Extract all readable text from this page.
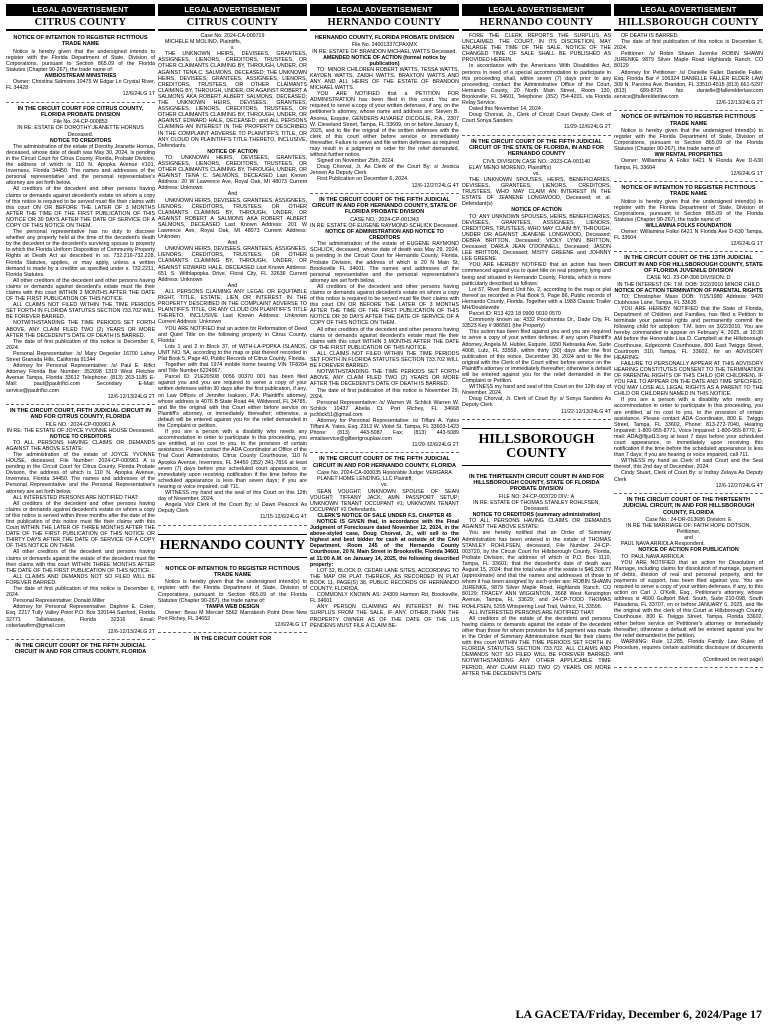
LEGAL ADVERTISEMENT
CITRUS COUNTY
NOTICE OF INTENTION TO REGISTER FICTITIOUS TRADE NAME
Notice is hereby given that the undersigned intends to register with the Florida Department of State, Division of Corporations, pursuant to Section 865.09 of the Florida Statutes (Chapter 90-267), the trade name of:
AMBIOSTREAM MINISTRIES
Owner: Christina Salmons 10475 W Edgar Ln Crystal River, FL 34428
12/6/24LG 1T
IN THE CIRCUIT COURT FOR CITRUS COUNTY, FLORIDA PROBATE DIVISION
File No. 24-CP-000853
IN RE: ESTATE OF DOROTHY JEANETTE HORNUS Deceased.
NOTICE TO CREDITORS
The administration of the estate of Dorothy Jeanette Hornus, deceased, whose date of death was May 30, 2024, is pending in the Circuit Court for Citrus County, Florida, Probate Division, the address of which is 110 N. Apopka Avenue #101, Inverness, Florida 34450. The names and addresses of the personal representative and the personal representative's attorney are set forth below.
All creditors of the decedent and other persons having claims or demands against decedent's estate on whom a copy of this notice is required to be served must file their claims with this court ON OR BEFORE THE LATER OF 3 MONTHS AFTER THE TIME OF THE FIRST PUBLICATION OF THIS NOTICE OR 30 DAYS AFTER THE DATE OF SERVICE OF A COPY OF THIS NOTICE ON THEM.
The personal representative has no duty to discover whether any property held at the time of the decedent's death by the decedent or the decedent's surviving spouse is property to which the Florida Uniform Disposition of Community Property Rights at Death Act as described in ss. 732.216-732.228, Florida Statutes, applies, or may apply, unless a written demand is made by a creditor as specified under s. 732.2211, Florida Statutes.
All other creditors of the decedent and other persons having claims or demands against decedent's estate must file their claims with this court WITHIN 3 MONTHS AFTER THE DATE OF THE FIRST PUBLICATION OF THIS NOTICE.
ALL CLAIMS NOT FILED WITHIN THE TIME PERIODS SET FORTH IN FLORIDA STATUTES SECTION 733.702 WILL BE FOREVER BARRED.
NOTWITHSTANDING THE TIME PERIODS SET FORTH ABOVE, ANY CLAIM FILED TWO (2) YEARS OR MORE AFTER THE DECEDENT'S DATE OF DEATH IS BARRED.
The date of first publication of this notice is December 6, 2024.
Personal Representative: /s/ Mary Degesler 16700 Lahey Street Granada Hills, California 91344
Attorney for Personal Representative: /s/ Paul E. Rifici Attorney Florida Bar Number: 352098 1319 West Fletcher Avenue Tampa, Florida 33612 Telephone: (813) 263-1185 E-Mail: paul@paulrifici.com Secondary E-Mail: service@paulrifici.com
12/6-12/13/24LG 2T
IN THE CIRCUIT COURT, FIFTH JUDICIAL CIRCUIT IN AND FOR CITRUS COUNTY, FLORIDA
FILE NO.: 2024-CP-000961 A
IN RE: THE ESTATE OF JOYCE YVONNE HOUSE Deceased.
NOTICE TO CREDITORS
TO ALL PERSONS HAVING CLAIMS OR DEMANDS AGAINST THE ABOVE ESTATE:
The administration of the estate of JOYCE YVONNE HOUSE, deceased, File Number: 2024-CP-000961 A is pending in the Circuit Court for Citrus County, Florida Probate Division, the address of which is 110 N. Apopka Avenue, Inverness, Florida 34450. The names and addresses of the Personal Representative and the Personal Representative's attorney are set forth below.
ALL INTERESTED PERSONS ARE NOTIFIED THAT:
All creditors of the decedent and other persons having claims or demands against decedent's estate on whom a copy of this notice is served within three months after the date of the first publication of this notice must file their claims with this Court WITHIN THE LATER OF THREE MONTHS AFTER THE DATE OF THE FIRST PUBLICATION OF THIS NOTICE OR THIRTY DAYS AFTER THE DATE OF SERVICE OF A COPY OF THIS NOTICE ON THEM.
All other creditors of the decedent and persons having claims or demands against the estate of the decedent must file their claims with this court WITHIN THREE MONTHS AFTER THE DATE OF THE FIRST PUBLICATION OF THIS NOTICE.
ALL CLAIMS AND DEMANDS NOT SO FILED WILL BE FOREVER BARRED.
The date of first publication of this notice is December 6, 2024.
Personal Representative: Donald Miller
Attorney for Personal Representative: Daphne E. Coker, Esq. 2217 Tully Valley Point P.O. Box 320144 Sanford, Florida 32771 Tallahassee, Florida 32316 Email: cokerlawfirm@gmail.com
12/6-12/13/24LG 2T
IN THE CIRCUIT COURT OF THE FIFTH JUDICIAL CIRCUIT IN AND FOR CITRUS COUNTY, FLORIDA
LEGAL ADVERTISEMENT
CITRUS COUNTY
Case No. 2024-CA-000719
MICHELE M MOLINO, Plaintiffs,
v.
THE UNKNOWN HEIRS, DEVISEES, GRANTEES, ASSIGNEES, LIENORS, CREDITORS, TRUSTEES, OR OTHER CLAIMANTS CLAIMING BY, THROUGH, UNDER, OR AGAINST TENA C. SALMONS, DECEASED; THE UNKNOWN HEIRS, DEVISEES, GRANTEES, ASSIGNEES, LIENORS, CREDITORS, TRUSTEES, OR OTHER CLAIMANTS CLAIMING BY, THROUGH, UNDER, OR AGAINST ROBERT A SALMONS AKA ROBERT ALBERT SALMONS, DECEASED; THE UNKNOWN HEIRS, DEVISEES, GRANTEES, ASSIGNEES, LIENORS, CREDITORS, TRUSTEES, OR OTHER CLAIMANTS CLAIMING BY, THROUGH, UNDER, OR AGAINST EDWARD HALE, DECEASED; and ALL PERSONS CLAIMING AN INTEREST IN THE PROPERTY DESCRIBED IN THE COMPLAINT ADVERSE TO PLAINTIFF'S TITLE, OR ANY CLOUD ON PLAINTIFF'S TITLE THERETO, INCLUSIVE, Defendants.
NOTICE OF ACTION
TO: UNKNOWN HEIRS, DEVISEES, GRANTEES, ASSIGNEES, LIENORS, CREDITORS, TRUSTEES, OR OTHER CLAIMANTS CLAIMING BY, THROUGH, UNDER, OR AGAINST TENA C. SALMONS, DECEASED Last Known Address: 20 W Lawrence Ave, Royal Oak, MI 48073 Current Address: Unknown
And
UNKNOWN HEIRS, DEVISEES, GRANTEES, ASSIGNEES, LIENORS, CREDITORS, TRUSTEES, OR OTHER CLAIMANTS CLAIMING BY, THROUGH, UNDER, OR AGAINST ROBERT A SALMONS AKA ROBERT ALBERT SALMONS, DECEASED Last Known Address: 201 W Lawrence Ave, Royal Oak, MI 48073 Current Address: Unknown
And
UNKNOWN HEIRS, DEVISEES, GRANTEES, ASSIGNEES, LIENORS, CREDITORS, TRUSTEES, OR OTHER CLAIMANTS CLAIMING BY, THROUGH, UNDER, OR AGAINST EDWARD HALE, DECEASED Last Known Address: 651 S. Withlapopka Drive, Floral City, FL 32636 Current Address: Unknown
And
ALL PERSONS CLAIMING ANY LEGAL OR EQUITABLE RIGHT, TITLE, ESTATE, LIEN OR INTEREST IN THE PROPERTY DESCRIBED IN THE COMPLAINT ADVERSE TO PLAINTIFF'S TITLE, OR ANY CLOUD ON PLAINTIFF'S TITLE THERETO, INCLUSIVE Last Known Address: Unknown Current Address: Unknown
YOU ARE NOTIFIED that an action for Reformation of Deed and Quiet Title on the following property in Citrus County, Florida:
Lots 1 and 2 in Block 37, of WITH-LA-POPKA ISLANDS, UNIT NO. 5A, according to the map or plat thereof recorded in Plat Book 5, Page 40, Public Records of Citrus County, Florida.
Together with that 1974 mobile home bearing VIN TF8204 and Title Number 6224967.
Parcel ID: 21E20S08 0056 00370 001 has been filed against you and you are required to serve a copy of your written defenses within 30 days after the first publication, if any, on Law Offices of Jennifer Isakson, P.A. Plaintiff's attorney, whose address is 4076 B State Road 44, Wildwood, FL 34785, and file the original with this Court either before service on Plaintiff's attorney, or immediately thereafter; otherwise, a default will be entered against you for the relief demanded in the Complaint or petition.
If you are a person with a disability who needs any accommodation in order to participate in this proceeding, you are entitled, at no cost to you, to the provision of certain assistance. Please contact the ADA Coordinator at Office of the Trial Court Administrator, Citrus County Courthouse, 110 N Apopka Avenue, Inverness, FL 34450 (352) 341-7816 at least seven (7) days before your scheduled court appearance, or immediately upon receiving notification if the time before the scheduled appearance is less than seven days; if you are hearing or voice impaired, call 711.
WITNESS my hand and the seal of this Court on this 12th day of November, 2024.
Angela Vick Clerk of the Court By: s/ Dawn Peacock As Deputy Clerk
11/15-12/6/24LG 4T
HERNANDO COUNTY
NOTICE OF INTENTION TO REGISTER FICTITIOUS TRADE NAME
Notice is hereby given that the undersigned intend(s) to register with the Florida Department of State, Division of Corporations, pursuant to Section 865.09 of the Florida Statutes (Chapter 90-267), the trade name of:
TAMPA WEB DESIGN
Owner: Beau M Mercier 5562 Marrakesh Point Drive New Port Richey, FL 34652
12/6/24LG 1T
IN THE CIRCUIT COURT FOR
LEGAL ADVERTISEMENT
HERNANDO COUNTY
HERNANDO COUNTY, FLORIDA PROBATE DIVISION
File No. 24001337CPAXMX
IN RE: ESTATE OF BRANDON MICHAEL WATTS Deceased.
AMENDED NOTICE OF ACTION (formal notice by publication)
TO: MINOR CHILDREN ROBERT WATTS, TESSA WATTS, KAYDEN WATTS, ZAIDH WATTS, BRAXTON WATTS AND ANY AND ALL HEIRS OF THE ESTATE OF BRANDON MICHAEL WATTS.
YOU ARE NOTIFIED that a PETITION FOR ADMINISTRATION has been filed in this court. You are required to serve a copy of your written defenses, if any, on the petitioner's attorney, whose name and address are: Steven B. Anorea, Esquire, GENDERS ALVAREZ DICOGLIE, P.A., 2307 W. Cleveland Street, Tampa, FL 33609, on or before January 6, 2025, and to file the original of the written defenses with the clerk of this court either before service or immediately thereafter. Failure to serve and file written defenses as required may result in a judgment or order for the relief demanded, without further notice.
Signed on November 25th, 2024.
Doug Chorvat, Jr. As Clerk of the Court By: s/ Jessica Jensen As Deputy Clerk
First Publication on December 6, 2024.
12/6-12/27/24LG 4T
IN THE CIRCUIT COURT OF THE FIFTH JUDICIAL CIRCUIT IN AND FOR HERNANDO COUNTY, STATE OF FLORIDA PROBATE DIVISION
CASE NO.: 2024-CP-001343
IN RE: ESTATE OF EUGENE RAYMOND SCHLICK Deceased.
NOTICE OF ADMINISTRATION AND NOTICE TO CREDITORS
The administration of the estate of EUGENE RAYMOND SCHLICK, deceased, whose date of death was May 29, 2024, is pending in the Circuit Court for Hernando County, Florida, Probate Division, the address of which is 20 N Main St, Brooksville FL 34601. The names and addresses of the personal representative and the personal representative's attorney are set forth below.
All creditors of the decedent and other persons having claims or demands against decedent's estate on whom a copy of this notice is required to be served must file their claims with this court ON OR BEFORE THE LATER OF 3 MONTHS AFTER THE TIME OF THE FIRST PUBLICATION OF THIS NOTICE OR 30 DAYS AFTER THE DATE OF SERVICE OF A COPY OF THIS NOTICE ON THEM.
All other creditors of the decedent and other persons having claims or demands against decedent's estate must file their claims with this court WITHIN 3 MONTHS AFTER THE DATE OF THE FIRST PUBLICATION OF THIS NOTICE.
ALL CLAIMS NOT FILED WITHIN THE TIME PERIODS SET FORTH IN FLORIDA STATUTES SECTION 733.702 WILL BE FOREVER BARRED.
NOTWITHSTANDING THE TIME PERIODS SET FORTH ABOVE, ANY CLAIM FILED TWO (2) YEARS OR MORE AFTER THE DECEDENT'S DATE OF DEATH IS BARRED.
The date of first publication of this notice is November 29, 2024.
Personal Representative: /s/ Warren W. Schlick Warren W. Schlick 10437 Abelia Ct. Port Richey, FL 34668 jschlick51@gmail.com
Attorney for Personal Representative: /s/ Tiffani A. Yates Tiffani A. Yates, Esq. 2313 W. Violet St. Tampa, FL 33603-1423 Phone: (813) 443-5087 Fax: (813) 443-5089 emailservice@gilbertgrouplaw.com
11/29-12/6/24LG 2T
IN THE CIRCUIT COURT OF THE FIFTH JUDICIAL CIRCUIT IN AND FOR HERNANDO COUNTY, FLORIDA
Case No. 2024-CA-000035 Honorable Judge: VERGARA
PLANET HOME LENDING, LLC Plaintiff,
vs.
SEAN VOUGHT; UNKNOWN SPOUSE OF SEAN VOUGHT; TIFFANY JACK; AMN PASSPORT SETUP; UNKNOWN TENANT OCCUPANT #1; UNKNOWN TENANT OCCUPANT #2 Defendants.
CLERK'S NOTICE OF SALE UNDER F.S. CHAPTER 45
NOTICE IS GIVEN that, in accordance with the Final Judgment of Foreclosure dated November 12, 2024, in the above-styled case, Doug Chorvat, Jr., will sell to the highest and best bidder for cash at outside of the Civil Department, Room 245 of the Hernando County Courthouse, 20 N. Main Street in Brooksville, Florida 34601 at 11:00 A.M. on January 14, 2025, the following described property:
LOT 32, BLOCK D, CEDAR LANE SITES, ACCORDING TO THE MAP OR PLAT THEREOF, AS RECORDED IN PLAT BOOK 11, PAGE(S) 38, PUBLIC RECORDS OF HERNANDO COUNTY, FLORIDA.
COMMONLY KNOWN AS: 24309 Harmon Rd, Brooksville, FL 34601
ANY PERSON CLAIMING AN INTEREST IN THE SURPLUS FROM THE SALE, IF ANY, OTHER THAN THE PROPERTY OWNER AS OF THE DATE OF THE LIS PENDENS MUST FILE A CLAIM BE-
LEGAL ADVERTISEMENT
HERNANDO COUNTY
FORE THE CLERK REPORTS THE SURPLUS AS UNCLAIMED. THE COURT, IN ITS DISCRETION, MAY ENLARGE THE TIME OF THE SALE. NOTICE OF THE CHANGED TIME OF SALE SHALL BE PUBLISHED AS PROVIDED HEREIN.
In accordance with the Americans With Disabilities Act, persons in need of a special accommodation to participate in this proceeding shall, within seven (7) days prior to any proceeding, contact the Administrative Office of the Court, Hernando County, 20 North Main Street, Room 130, Brooksville, FL 34601, Telephone: (352) 754-4201, via Florida Relay Service.
Dated this November 14, 2024
Doug Chorvat, Jr., Clerk of Circuit Court Deputy Clerk of Court Sonya Sanders
11/29-12/6/24LG 2T
IN THE CIRCUIT COURT OF THE FIFTH JUDICIAL CIRCUIT OF THE STATE OF FLORIDA, IN AND FOR HERNANDO COUNTY
CIVIL DIVISION CASE NO.: 2023-CA-001140
ELAY MENO MORENO, Plaintiff(s)
vs.
THE UNKNOWN SPOUSES, HEIRS, BENEFICIARIES, DEVISEES, GRANTEES, LIENORS, CREDITORS, TRUSTEES, WHO MAY CLAIM AN INTEREST IN THE ESTATE OF JEANENE LONGWOOD, Deceased; et al. Defendant(s)
NOTICE OF ACTION
TO: ANY UNKNOWN SPOUSES, HEIRS, BENEFICIARIES, DEVISEES, GRANTEES, ASSIGNEES, LIENORS, CREDITORS, TRUSTEES, WHO MAY CLAIM BY, THROUGH, UNDER OR AGAINST JEANENE LONGWOOD, Deceased; DEBRA BRITTON, Deceased; VICKY LYNN BRITTON, Deceased; DARLA JEAN O'DONNELL, Deceased; JASON LEE BRITTON, Deceased; MISTY GREENE and JOHNNY LEE GREENE.
YOU ARE HEREBY NOTIFIED that an action has been commenced against you to quiet title on real property, lying and being and situated in Hernando County, Florida, which is more particularly described as follows:
Lot 57, River Bend Unit No. 2, according to the map or plat thereof as recorded in Plat Book 5, Page 86, Public records of Hernando County, Florida. Together with a 1983 Classic Trailer MH/Doublewide
Parcel ID: R13 423 18 0900 0010 0570
Commonly known as: 4332 Pocahontas Dr., Dade City, FL 33523 Key # 986581 (the Property)
This action has been filed against you and you are required to serve a copy of your written defense, if any upon Plaintiff's Attorney, Angela M. Hubler, Esquire, 1650 Nebraska Ave, Suite 4008, Lutz, FL 33558, within thirty (30) days after the first publication of this notice, December 30, 2024 and to file the original with the Clerk of the Court either before service on the Plaintiff's attorney or immediately thereafter; otherwise a default will be entered against you for the relief demanded in the Complaint or Petition.
WITNESS my hand and seal of this Court on the 12th day of November, 2024.
Doug Chorvat, Jr. Clerk of Court By: s/ Sonya Sanders As Deputy Clerk
11/22-12/13/24LG 4T
HILLSBOROUGH COUNTY
IN THE THIRTEENTH CIRCUIT COURT IN AND FOR HILLSBOROUGH COUNTY, STATE OF FLORIDA PROBATE DIVISION
FILE NO: 24-CP-003720 DIV.: A
IN RE: ESTATE OF THOMAS STANLEY ROHLFSEN, Deceased.
NOTICE TO CREDITORS (summary administration)
TO ALL PERSONS HAVING CLAIMS OR DEMANDS AGAINST THE ABOVE ESTATE:
You are hereby notified that an Order of Summary Administration has been entered in the estate of THOMAS STANLEY ROHLFSEN, deceased, File Number 24-CP-003720, by the Circuit Court for Hillsborough County, Florida, Probate Division, the address of which is P.O. Box 1110, Tampa, FL 33601; that the decedent's date of death was August 15, 2024; that the total value of the estate is $46,306.77 (approximate) and that the names and addresses of those to whom it has been assigned by such order are: ROBIN SHAWN JURENKE, 9879 Silver Maple Road, Highlands Ranch, CO 80129; TRACEY ANN WIGGINTON, 3668 West Kensington Avenue, Tampa, FL 33629; and 24-CP-TODD THOMAS ROHLFSEN, 5205 Whispering Leaf Trail, Valrico, FL 33596.
ALL INTERESTED PERSONS ARE NOTIFIED THAT:
All creditors of the estate of the decedent and persons having claims or demands against the estate of the decedent other than those for whom provision for full payment was made in the Order of Summary Administration must file their claims with this court WITHIN THE TIME PERIODS SET FORTH IN FLORIDA STATUTES SECTION 733.702. ALL CLAIMS AND DEMANDS NOT SO FILED WILL BE FOREVER BARRED. NOTWITHSTANDING ANY OTHER APPLICABLE TIME PERIOD, ANY CLAIM FILED TWO (2) YEARS OR MORE AFTER THE DECEDENT'S DATE
LEGAL ADVERTISEMENT
HILLSBOROUGH COUNTY
OF DEATH IS BARRED.
The date of first publication of this notice is December 6, 2024.
Petitioner: /s/ Robin Shawn Jurenke ROBIN SHAWN JURENKE 9879 Silver Maple Road Highlands Ranch, CO 80129
Attorney for Petitioner: /s/ Danielle Faller Danielle Faller, Esq. Florida Bar # 106324 DANIELLE FALLER ELDER LAW 309 N. Parsons Ave. Brandon, FL 33510-4515 (813) 661-5297 (813) 689-8725 fax danielle@fallerelderlaw.com service@fallerelderlaw.com
12/6-12/13/24LG 2T
NOTICE OF INTENTION TO REGISTER FICTITIOUS TRADE NAME
Notice is hereby given that the undersigned intend(s) to register with the Florida Department of State, Division of Corporations, pursuant to Section 865.09 of the Florida Statutes (Chapter 90-267), the trade name of:
WW RENTAL PROPERTIES
Owner: Williamina A Folks 6421 N Florida Ave D-630 Tampa, FL 33604
12/6/24LG 1T
NOTICE OF INTENTION TO REGISTER FICTITIOUS TRADE NAME
Notice is hereby given that the undersigned intend(s) to register with the Florida Department of State, Division of Corporations, pursuant to Section 865.09 of the Florida Statutes (Chapter 90-267), the trade name of:
WILLAMINA FOLKS FOUNDATION
Owner: Williamina Folks 6421 N Florida Ave D-630 Tampa, FL 33604
12/6/24LG 1T
IN THE CIRCUIT COURT OF THE 13TH JUDICIAL CIRCUIT IN AND FOR HILLSBOROUGH COUNTY, STATE OF FLORIDA JUVENILE DIVISION
CASE NO. 23-DP-308 DIVISION: D
IN THE INTEREST OF: T.M. DOB: 3/22/2010 MINOR CHILD
NOTICE OF ACTION TERMINATION OF PARENTAL RIGHTS
TO: Christopher Mass DOB: 7/15/1980 Address: 9420 Clubhouse Lane, Tampa, FL 33635
YOU ARE HEREBY NOTIFIED that the State of Florida, Department of Children and Families, has filed a Petition to terminate your parental rights and permanently commit the following child for adoption: T.M. born on 3/22/2010. You are hereby commanded to appear on February 4, 2025, at 10:30 AM before the Honorable Lisa D. Campbell at the Hillsborough Courthouse, Edgecomb Courthouse, 800 East Twiggs Street, Courtroom 310, Tampa, FL 33602, for an ADVISORY HEARING.
FAILURE TO PERSONALLY APPEAR AT THIS ADVISORY HEARING CONSTITUTES CONSENT TO THE TERMINATION OF PARENTAL RIGHTS OF THIS CHILD (OR CHILDREN). IF YOU FAIL TO APPEAR ON THE DATE AND TIME SPECIFIED, YOU MAY LOSE ALL LEGAL RIGHTS AS A PARENT TO THE CHILD OR CHILDREN NAMED IN THIS NOTICE.
If you are a person with a disability who needs any accommodation in order to participate in this proceeding, you are entitled, at no cost to you, to the provision of certain assistance. Please contact ADA Coordinator, 800 E. Twiggs Street, Tampa, FL 33602, Phone: 813-272-7040, Hearing Impaired: 1-800-955-8771, Voice Impaired: 1-800-955-8770, E-mail: ADA@fljud13.org at least 7 days before your scheduled court appearance, or immediately upon receiving this notification if the time before the scheduled appearance is less than 7 days; if you are hearing or voice impaired, call 711.
WITNESS my hand as Clerk of said Court and the Seal thereof, this 2nd day of December, 2024.
Cindy Stuart, Clerk of Court By: s/ Indray Zelaya As Deputy Clerk
12/6-12/27/24LG 4T
IN THE CIRCUIT COURT OF THE THIRTEENTH JUDICIAL CIRCUIT, IN AND FOR HILLSBOROUGH COUNTY, FLORIDA
Case No.: 24-DR-013686 Division: E
IN RE THE MARRIAGE OF: FAITH HOPE DOTSON, Petitioner,
and
PAUL NAVA ARRIOLA Respondent.
NOTICE OF ACTION FOR PUBLICATION
TO: PAUL NAVA ARRIOLA
YOU ARE NOTIFIED that an action for Dissolution of Marriage, including claims for dissolution of marriage, payment of debts, division of real and personal property, and for payments of support, has been filed against you. You are required to serve a copy of your written defenses, if any, to this action on Carl J. O'Kelli, Esq., Petitioner's attorney, whose address is 4600 Gulfport Blvd. South, Suite 210-098, South Pasadena, FL 33707, on or before JANUARY 6, 2025, and file the original with the clerk of this Court at Hillsborough County Courthouse, 800 E. Twiggs Street, Tampa, Florida 33602, either before service on Petitioner's attorney or immediately thereafter; otherwise a default will be entered against you for the relief demanded in the petition.
WARNING: Rule 12.285, Florida Family Law Rules of Procedure, requires certain automatic disclosure of documents and
(Continued on next page)
LA GACETA/Friday, December 6, 2024/Page 17
